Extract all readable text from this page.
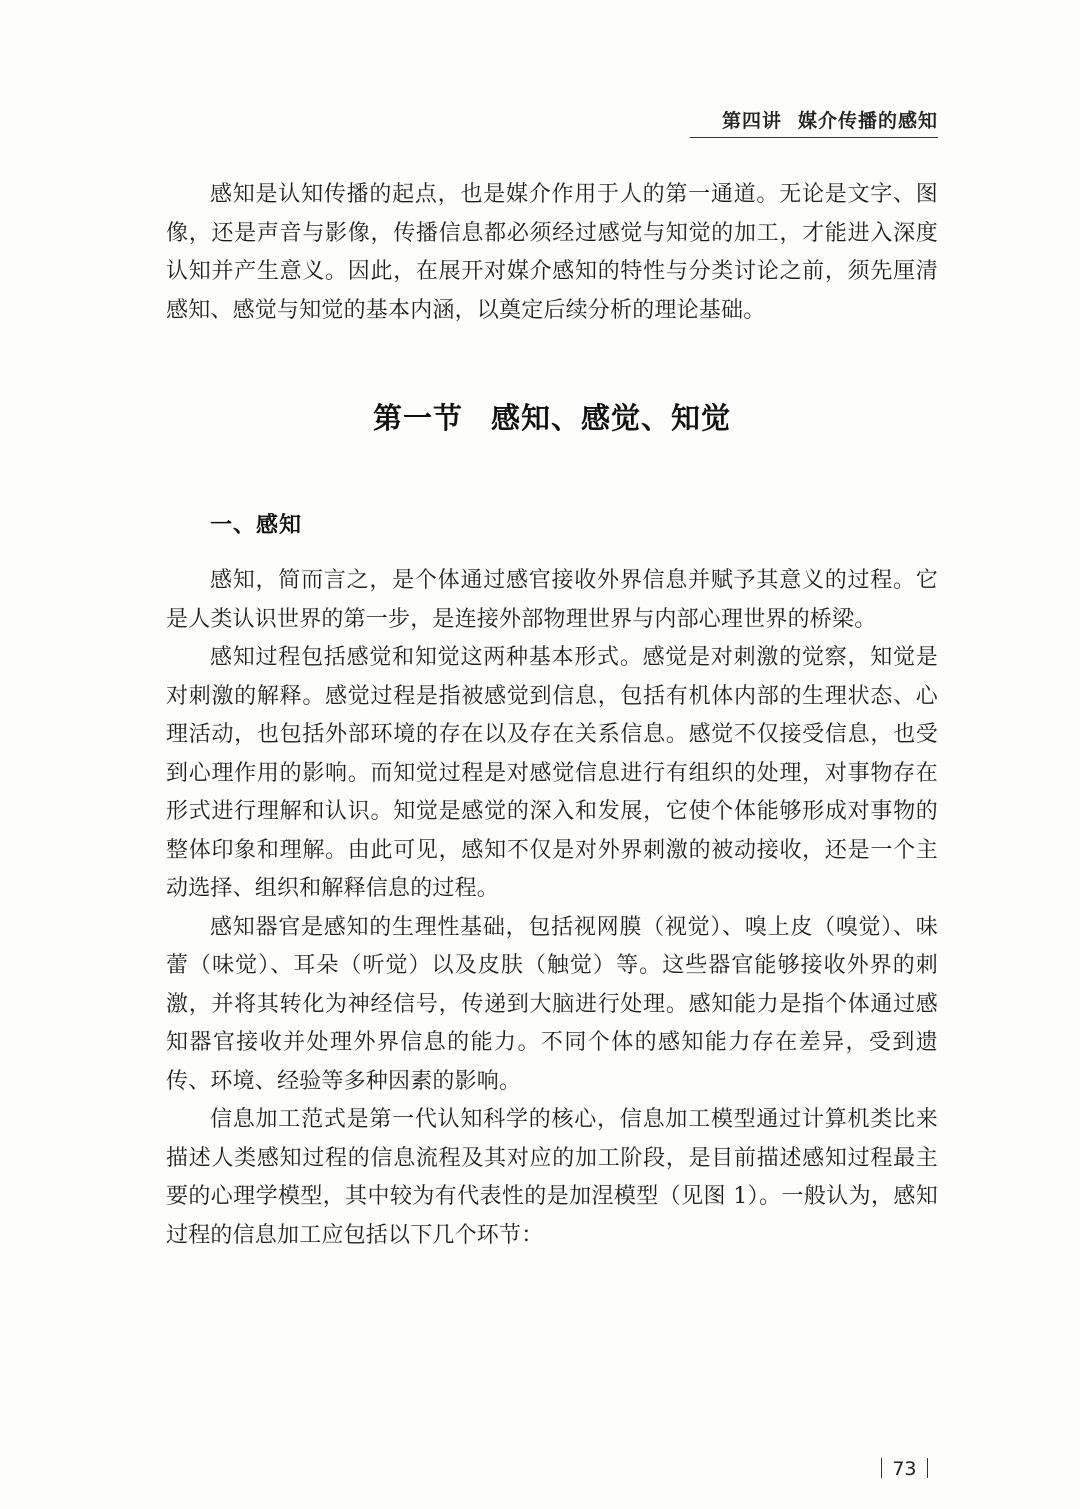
第四讲 媒介传播的感知

感知是认知传播的起点，也是媒介作用于人的第一通道。无论是文字、图像，还是声音与影像，传播信息都必须经过感觉与知觉的加工，才能进入深度认知并产生意义。因此，在展开对媒介感知的特性与分类讨论之前，须先厘清感知、感觉与知觉的基本内涵，以奠定后续分析的理论基础。

第一节 感知、感觉、知觉
一、感知

感知，简而言之，是个体通过感官接收外界信息并赋予其意义的过程。它是人类认识世界的第一步，是连接外部物理世界与内部心理世界的桥梁。

感知过程包括感觉和知觉这两种基本形式。感觉是对刺激的觉察，知觉是对刺激的解释。感觉过程是指被感觉到信息，包括有机体内部的生理状态、心理活动，也包括外部环境的存在以及存在关系信息。感觉不仅接受信息，也受到心理作用的影响。而知觉过程是对感觉信息进行有组织的处理，对事物存在形式进行理解和认识。知觉是感觉的深入和发展，它使个体能够形成对事物的整体印象和理解。由此可见，感知不仅是对外界刺激的被动接收，还是一个主动选择、组织和解释信息的过程。

感知器官是感知的生理性基础，包括视网膜（视觉）、嗅上皮（嗅觉）、味蕾（味觉）、耳朵（听觉）以及皮肤（触觉）等。这些器官能够接收外界的刺激，并将其转化为神经信号，传递到大脑进行处理。感知能力是指个体通过感知器官接收并处理外界信息的能力。不同个体的感知能力存在差异，受到遗传、环境、经验等多种因素的影响。

信息加工范式是第一代认知科学的核心，信息加工模型通过计算机类比来描述人类感知过程的信息流程及其对应的加工阶段，是目前描述感知过程最主要的心理学模型，其中较为有代表性的是加涅模型（见图 1）。一般认为，感知过程的信息加工应包括以下几个环节：

73
